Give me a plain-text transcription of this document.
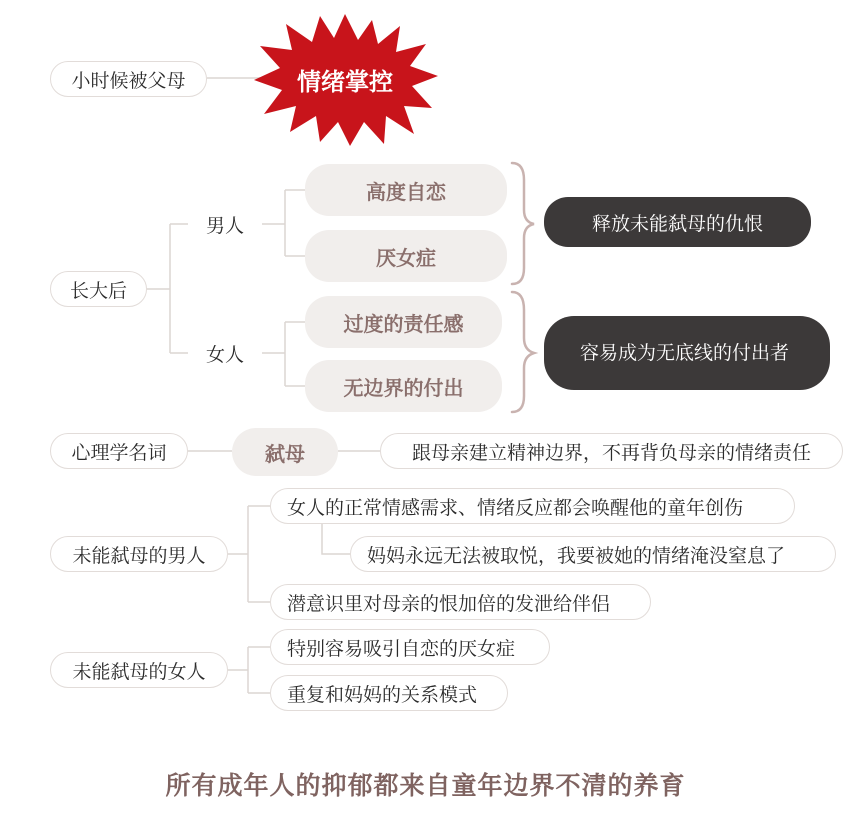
情绪掌控
小时候被父母
长大后
男人
女人
高度自恋
厌女症
过度的责任感
无边界的付出
释放未能弑母的仇恨
容易成为无底线的付出者
心理学名词	弑母	跟母亲建立精神边界，不再背负母亲的情绪责任
未能弑母的男人
女人的正常情感需求、情绪反应都会唤醒他的童年创伤
妈妈永远无法被取悦，我要被她的情绪淹没窒息了
潜意识里对母亲的恨加倍的发泄给伴侣
未能弑母的女人
特别容易吸引自恋的厌女症
重复和妈妈的关系模式
所有成年人的抑郁都来自童年边界不清的养育
